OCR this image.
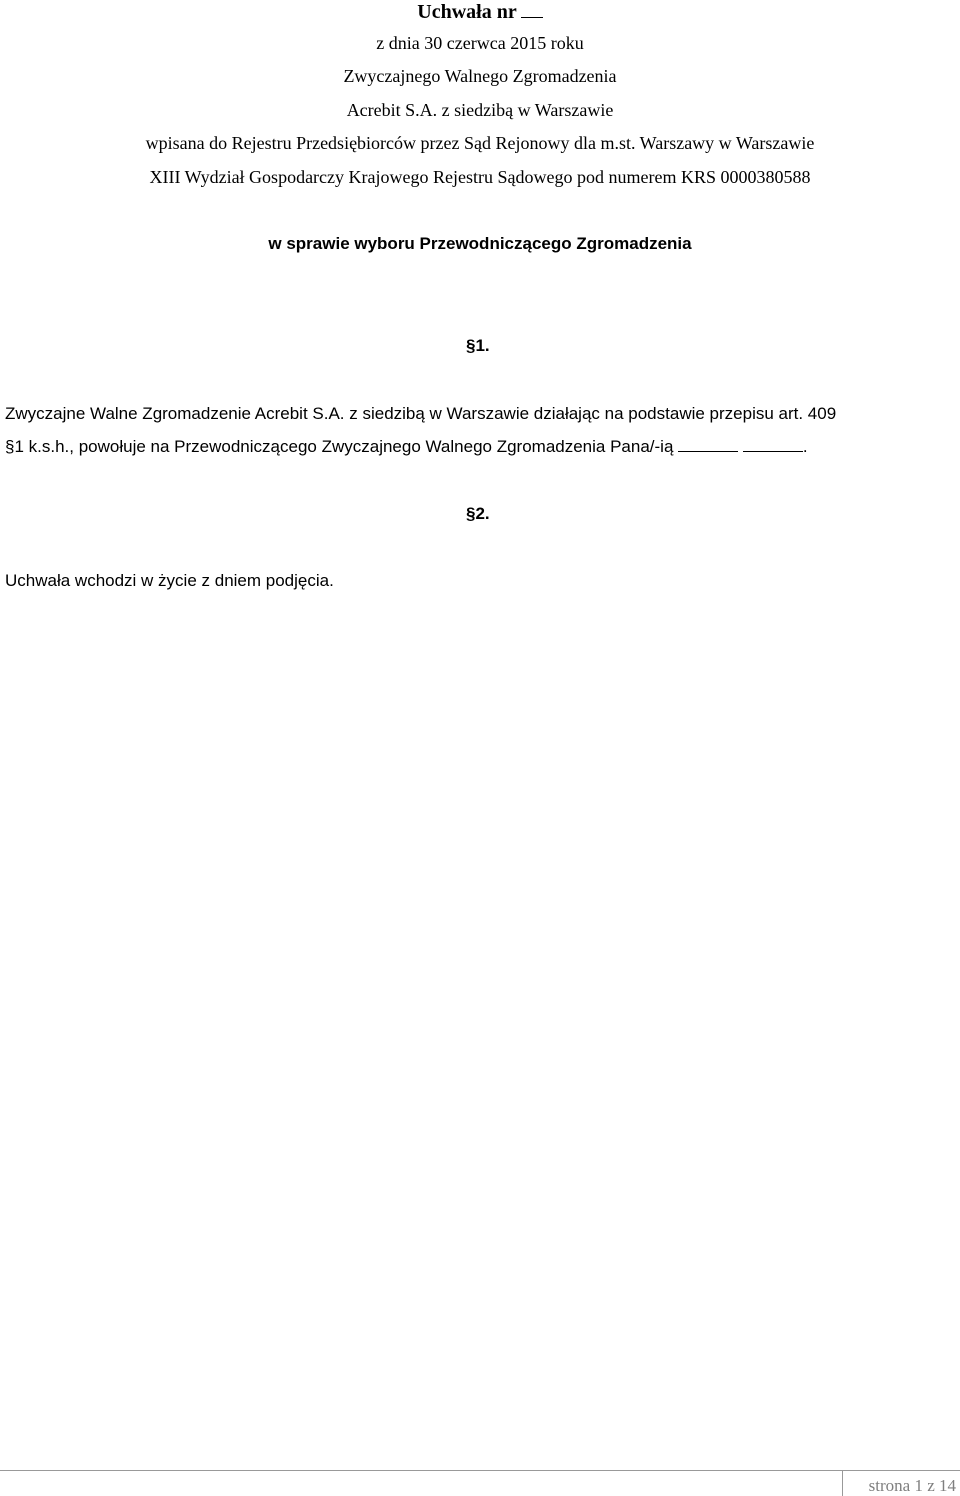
Uchwała nr
z dnia 30 czerwca 2015 roku
Zwyczajnego Walnego Zgromadzenia
Acrebit S.A. z siedzibą w Warszawie
wpisana do Rejestru Przedsiębiorców przez Sąd Rejonowy dla m.st. Warszawy w Warszawie
XIII Wydział Gospodarczy Krajowego Rejestru Sądowego pod numerem KRS 0000380588
w sprawie wyboru Przewodniczącego Zgromadzenia
§1.
Zwyczajne Walne Zgromadzenie Acrebit S.A. z siedzibą w Warszawie działając na podstawie przepisu art. 409
§1 k.s.h., powołuje na Przewodniczącego Zwyczajnego Walnego Zgromadzenia Pana/-ią	.
§2.
Uchwała wchodzi w życie z dniem podjęcia.
strona 1 z 14
